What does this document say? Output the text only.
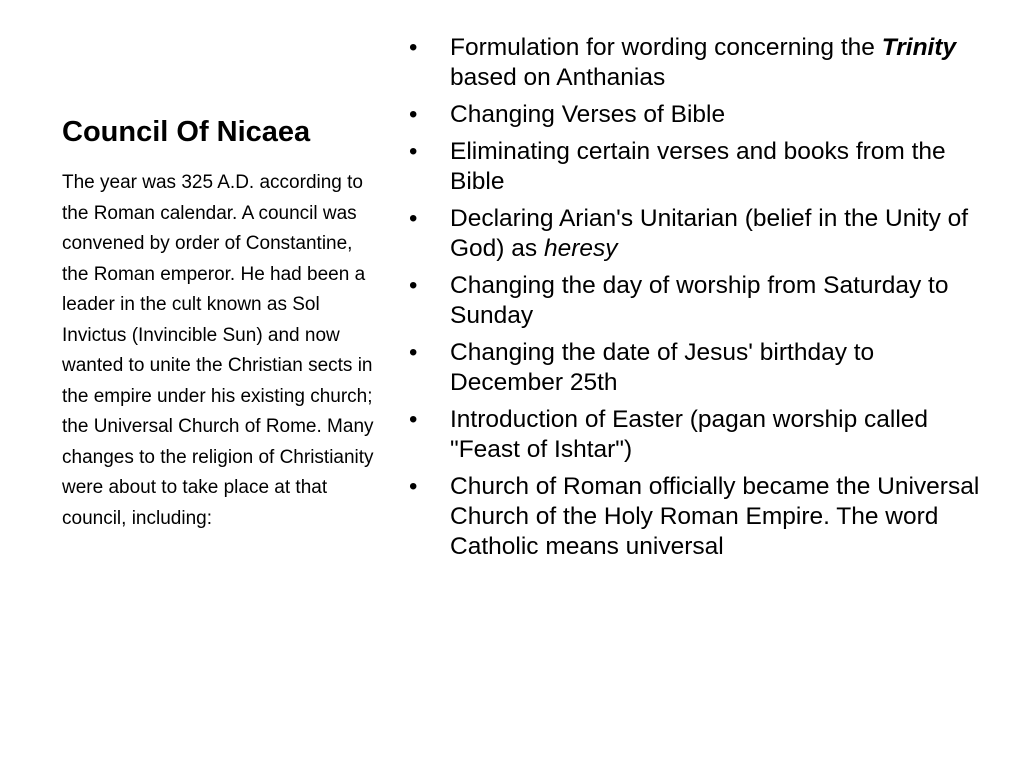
Council Of Nicaea
The year was 325 A.D. according to the Roman calendar. A council was convened by order of Constantine, the Roman emperor. He had been a leader in the cult known as Sol Invictus (Invincible Sun) and now wanted to unite the Christian sects in the empire under his existing church; the Universal Church of Rome. Many changes to the religion of Christianity were about to take place at that council, including:
•	Formulation for wording concerning the Trinity based on Anthanias
•	Changing Verses of Bible
•	Eliminating certain verses and books from the Bible
•	Declaring Arian's Unitarian (belief in the Unity of God) as heresy
•	Changing the day of worship from Saturday to Sunday
•	Changing the date of Jesus' birthday to December 25th
•	Introduction of Easter (pagan worship called "Feast of Ishtar")
•	Church of Roman officially became the Universal Church of the Holy Roman Empire. The word Catholic means universal
